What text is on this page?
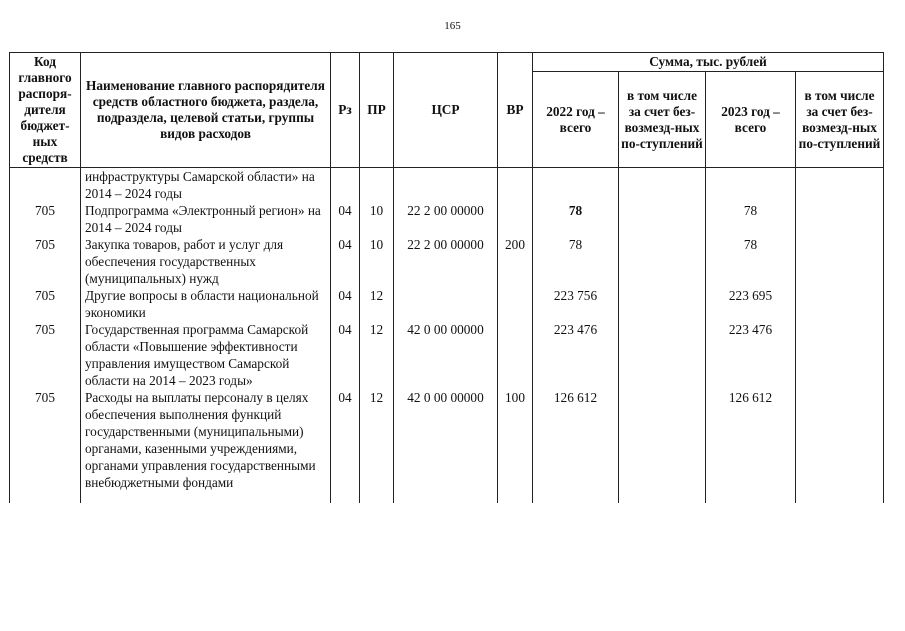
165
Код главного распоря-дителя бюджет-ных средств	Наименование главного распорядителя средств областного бюджета, раздела, подраздела, целевой статьи, группы видов расходов	Рз	ПР	ЦСР	ВР	Сумма, тыс. рублей			
						2022 год – всего	в том числе за счет без-возмезд-ных по-ступлений	2023 год – всего	в том числе за счет без-возмезд-ных по-ступлений
	инфраструктуры Самарской области» на 2014 – 2024 годы								
705	Подпрограмма «Электронный регион» на 2014 – 2024 годы	04	10	22 2 00 00000		78		78	
705	Закупка товаров, работ и услуг для обеспечения государственных (муниципальных) нужд	04	10	22 2 00 00000	200	78		78	
705	Другие вопросы в области национальной экономики	04	12			223 756		223 695	
705	Государственная программа Самарской области «Повышение эффективности управления имуществом Самарской области на 2014 – 2023 годы»	04	12	42 0 00 00000		223 476		223 476	
705	Расходы на выплаты персоналу в целях обеспечения выполнения функций государственными (муниципальными) органами, казенными учреждениями, органами управления государственными внебюджетными фондами	04	12	42 0 00 00000	100	126 612		126 612	
